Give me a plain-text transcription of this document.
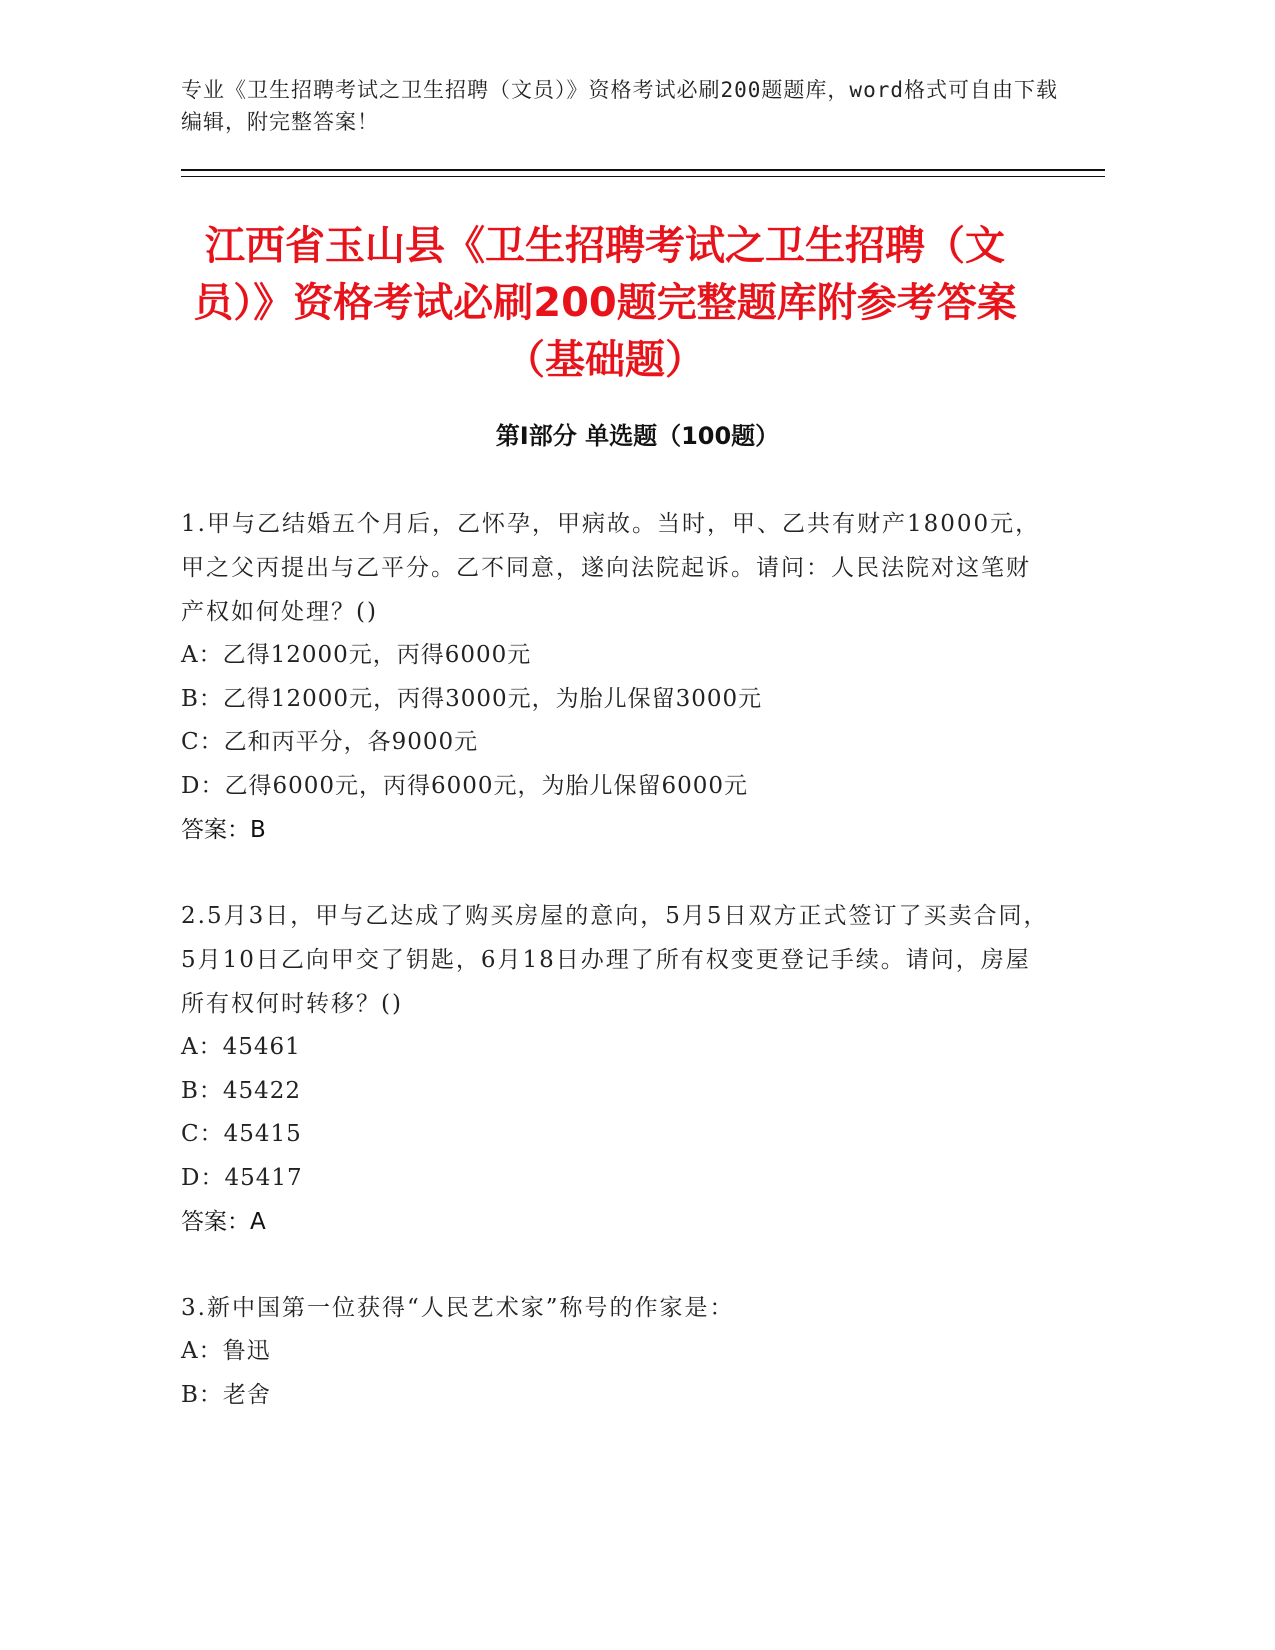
专业《卫生招聘考试之卫生招聘（文员）》资格考试必刷200题题库，word格式可自由下载编辑，附完整答案！
江西省玉山县《卫生招聘考试之卫生招聘（文员）》资格考试必刷200题完整题库附参考答案（基础题）
第Ⅰ部分 单选题（100题）

1.甲与乙结婚五个月后，乙怀孕，甲病故。当时，甲、乙共有财产18000元，甲之父丙提出与乙平分。乙不同意，遂向法院起诉。请问：人民法院对这笔财产权如何处理？()

A：乙得12000元，丙得6000元

B：乙得12000元，丙得3000元，为胎儿保留3000元

C：乙和丙平分，各9000元

D：乙得6000元，丙得6000元，为胎儿保留6000元

答案：B

2.5月3日，甲与乙达成了购买房屋的意向，5月5日双方正式签订了买卖合同，5月10日乙向甲交了钥匙，6月18日办理了所有权变更登记手续。请问，房屋所有权何时转移？()

A：45461

B：45422

C：45415

D：45417

答案：A

3.新中国第一位获得“人民艺术家”称号的作家是：

A：鲁迅

B：老舍
